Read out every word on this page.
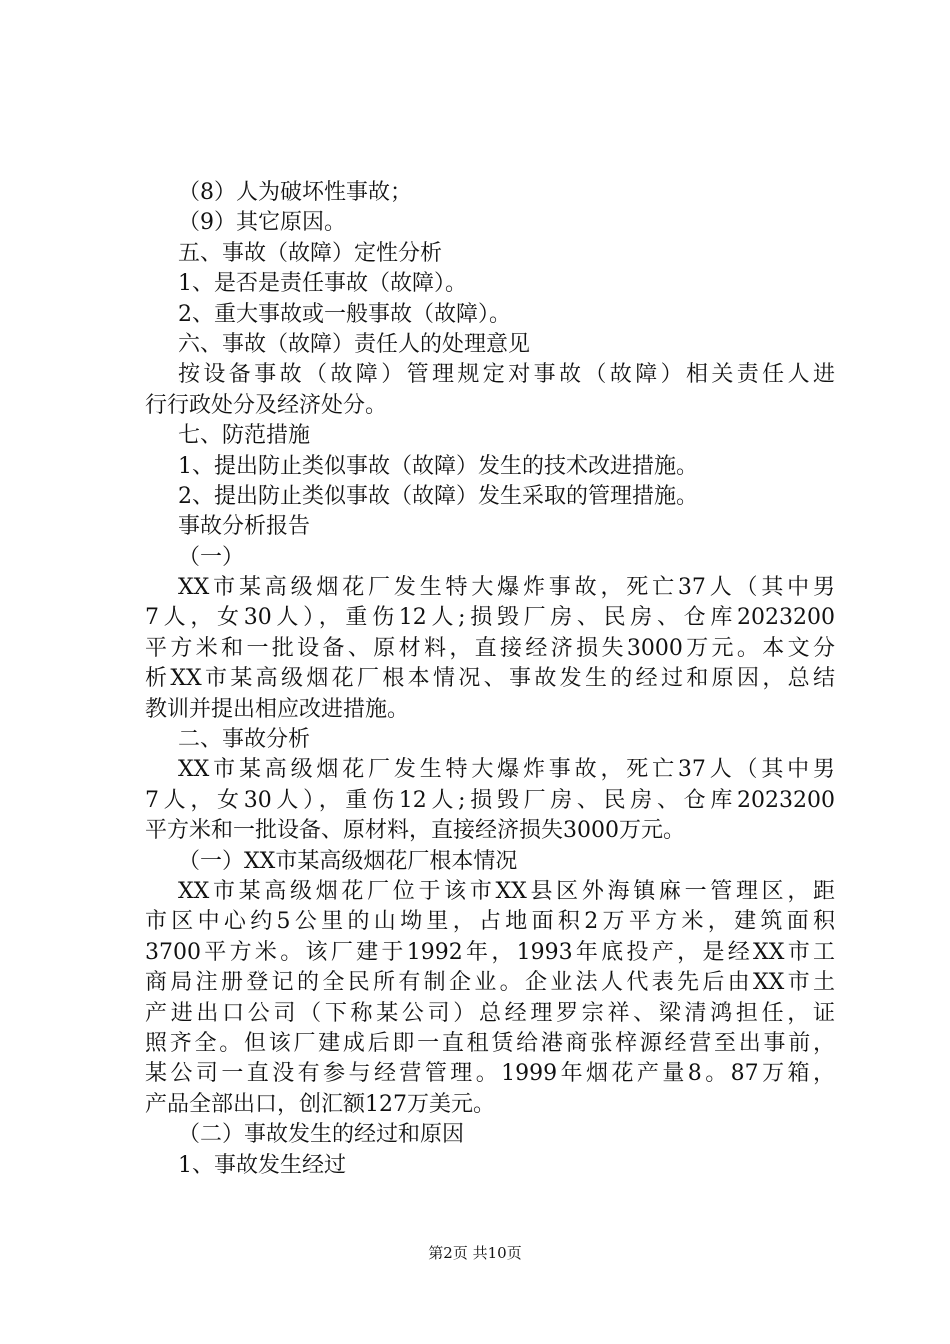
（8）人为破坏性事故；
（9）其它原因。
五、事故（故障）定性分析
1、是否是责任事故（故障）。
2、重大事故或一般事故（故障）。
六、事故（故障）责任人的处理意见
按设备事故（故障）管理规定对事故（故障）相关责任人进
行行政处分及经济处分。
七、防范措施
1、提出防止类似事故（故障）发生的技术改进措施。
2、提出防止类似事故（故障）发生采取的管理措施。
事故分析报告
（一）
XX市某高级烟花厂发生特大爆炸事故，死亡37人（其中男
7人，女30人），重伤12人;损毁厂房、民房、仓库2023200
平方米和一批设备、原材料，直接经济损失3000万元。本文分
析XX市某高级烟花厂根本情况、事故发生的经过和原因，总结
教训并提出相应改进措施。
二、事故分析
XX市某高级烟花厂发生特大爆炸事故，死亡37人（其中男
7人，女30人），重伤12人;损毁厂房、民房、仓库2023200
平方米和一批设备、原材料，直接经济损失3000万元。
（一）XX市某高级烟花厂根本情况
XX市某高级烟花厂位于该市XX县区外海镇麻一管理区，距
市区中心约5公里的山坳里，占地面积2万平方米，建筑面积
3700平方米。该厂建于1992年，1993年底投产，是经XX市工
商局注册登记的全民所有制企业。企业法人代表先后由XX市土
产进出口公司（下称某公司）总经理罗宗祥、梁清鸿担任，证
照齐全。但该厂建成后即一直租赁给港商张梓源经营至出事前，
某公司一直没有参与经营管理。1999年烟花产量8。87万箱，
产品全部出口，创汇额127万美元。
（二）事故发生的经过和原因
1、事故发生经过
第2页 共10页
